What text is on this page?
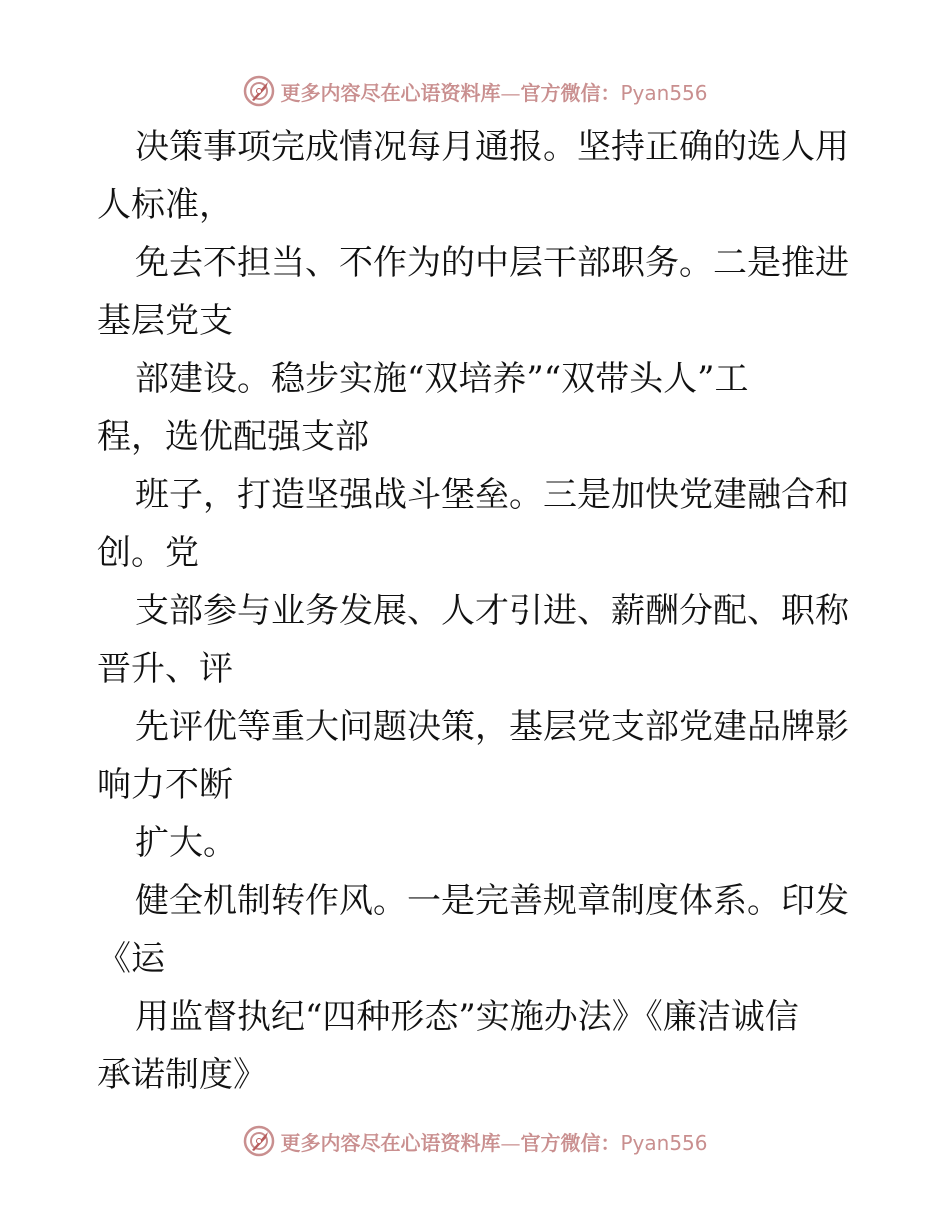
更多内容尽在心语资料库—官方微信：Pyan556
决策事项完成情况每月通报。坚持正确的选人用
人标准，
免去不担当、不作为的中层干部职务。二是推进
基层党支
部建设。稳步实施“双培养”“双带头人”工
程，选优配强支部
班子，打造坚强战斗堡垒。三是加快党建融合和
创。党
支部参与业务发展、人才引进、薪酬分配、职称
晋升、评
先评优等重大问题决策，基层党支部党建品牌影
响力不断
扩大。
健全机制转作风。一是完善规章制度体系。印发
《运
用监督执纪“四种形态”实施办法》《廉洁诚信
承诺制度》
更多内容尽在心语资料库—官方微信：Pyan556
